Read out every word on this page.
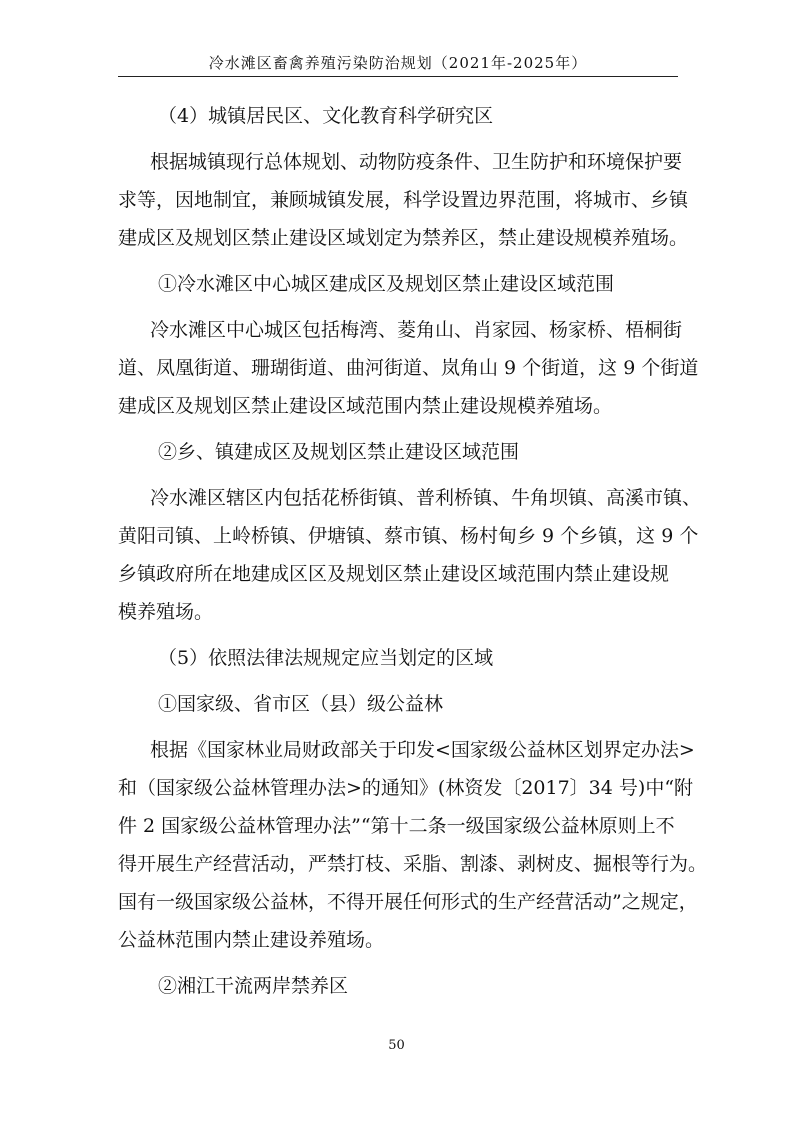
冷水滩区畜禽养殖污染防治规划（2021年-2025年）
（4）城镇居民区、文化教育科学研究区
根据城镇现行总体规划、动物防疫条件、卫生防护和环境保护要
求等，因地制宜，兼顾城镇发展，科学设置边界范围，将城市、乡镇
建成区及规划区禁止建设区域划定为禁养区，禁止建设规模养殖场。
①冷水滩区中心城区建成区及规划区禁止建设区域范围
冷水滩区中心城区包括梅湾、菱角山、肖家园、杨家桥、梧桐街
道、凤凰街道、珊瑚街道、曲河街道、岚角山 9 个街道，这 9 个街道
建成区及规划区禁止建设区域范围内禁止建设规模养殖场。
②乡、镇建成区及规划区禁止建设区域范围
冷水滩区辖区内包括花桥街镇、普利桥镇、牛角坝镇、高溪市镇、
黄阳司镇、上岭桥镇、伊塘镇、蔡市镇、杨村甸乡 9 个乡镇，这 9 个
乡镇政府所在地建成区区及规划区禁止建设区域范围内禁止建设规
模养殖场。
（5）依照法律法规规定应当划定的区域
①国家级、省市区（县）级公益林
根据《国家林业局财政部关于印发<国家级公益林区划界定办法>
和（国家级公益林管理办法>的通知》(林资发〔2017〕34 号)中“附
件 2 国家级公益林管理办法”“第十二条一级国家级公益林原则上不
得开展生产经营活动，严禁打枝、采脂、割漆、剥树皮、掘根等行为。
国有一级国家级公益林，不得开展任何形式的生产经营活动”之规定，
公益林范围内禁止建设养殖场。
②湘江干流两岸禁养区
50
